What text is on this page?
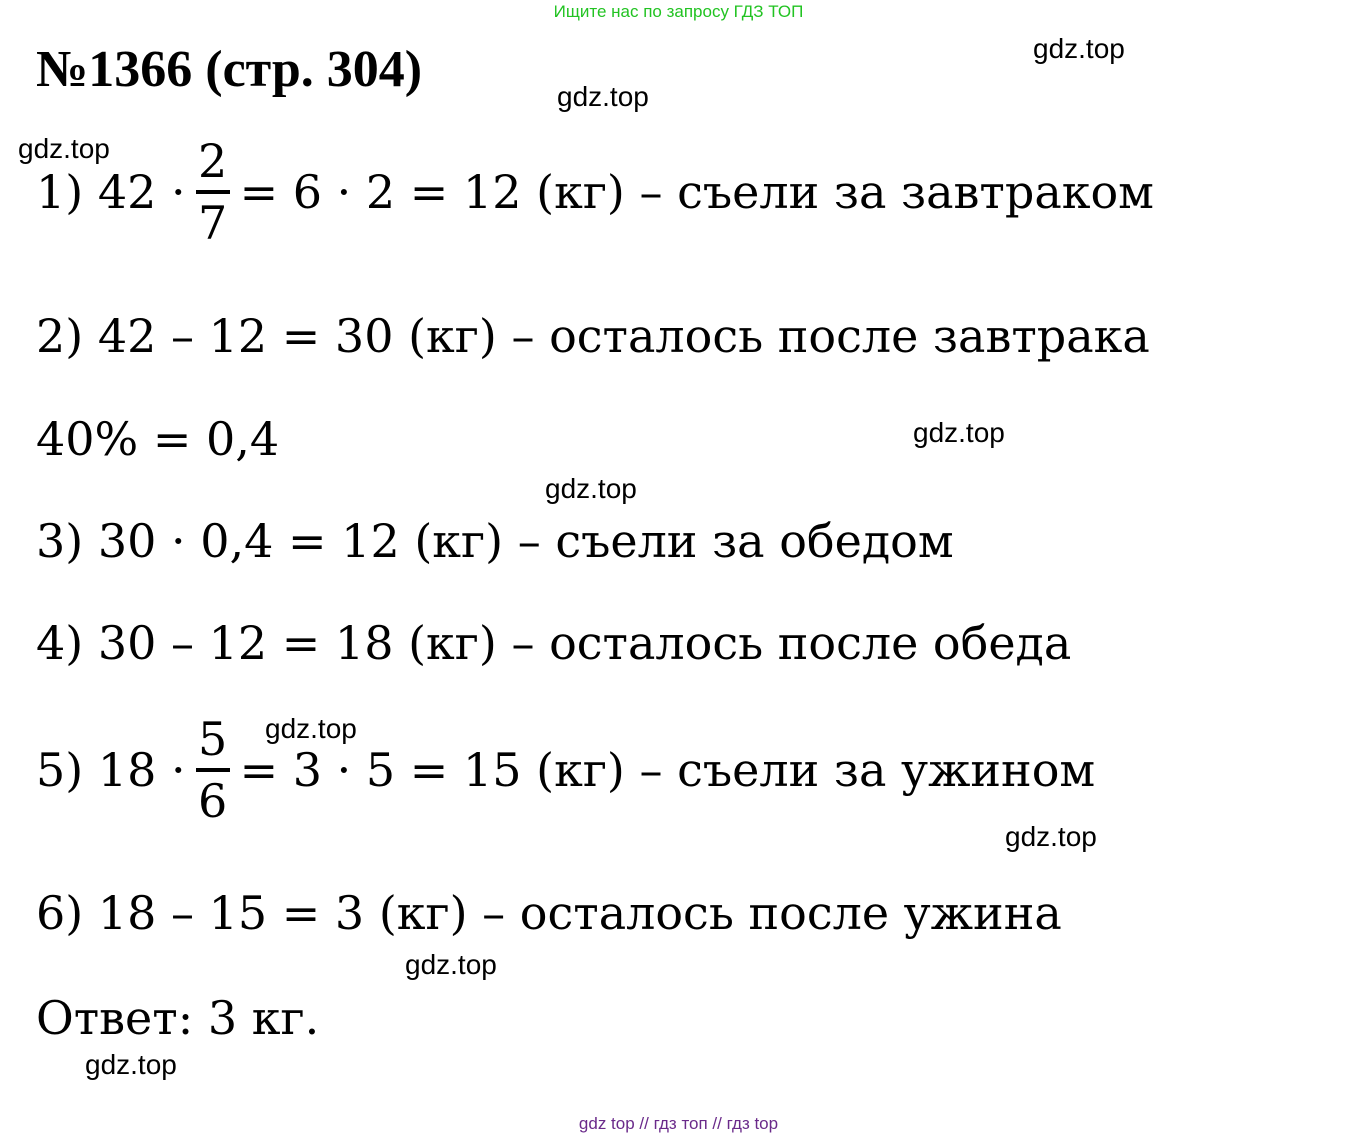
Ищите нас по запросу ГДЗ ТОП
№1366 (стр. 304)	gdz.top
gdz.top
gdz.top
gdz.top
gdz.top
gdz.top
gdz.top
gdz.top
gdz.top
1) $42 \cdot \frac{2}{7} = 6 \cdot 2 = 12$ (кг) – съели за завтраком
2) 42 – 12 = 30 (кг) – осталось после завтрака
40% = 0,4
3) 30 · 0,4 = 12 (кг) – съели за обедом
4) 30 – 12 = 18 (кг) – осталось после обеда
5) $18 \cdot \frac{5}{6} = 3 \cdot 5 = 15$ (кг) – съели за ужином
6) 18 – 15 = 3 (кг) – осталось после ужина
Ответ: 3 кг.
gdz top // гдз топ // гдз top
